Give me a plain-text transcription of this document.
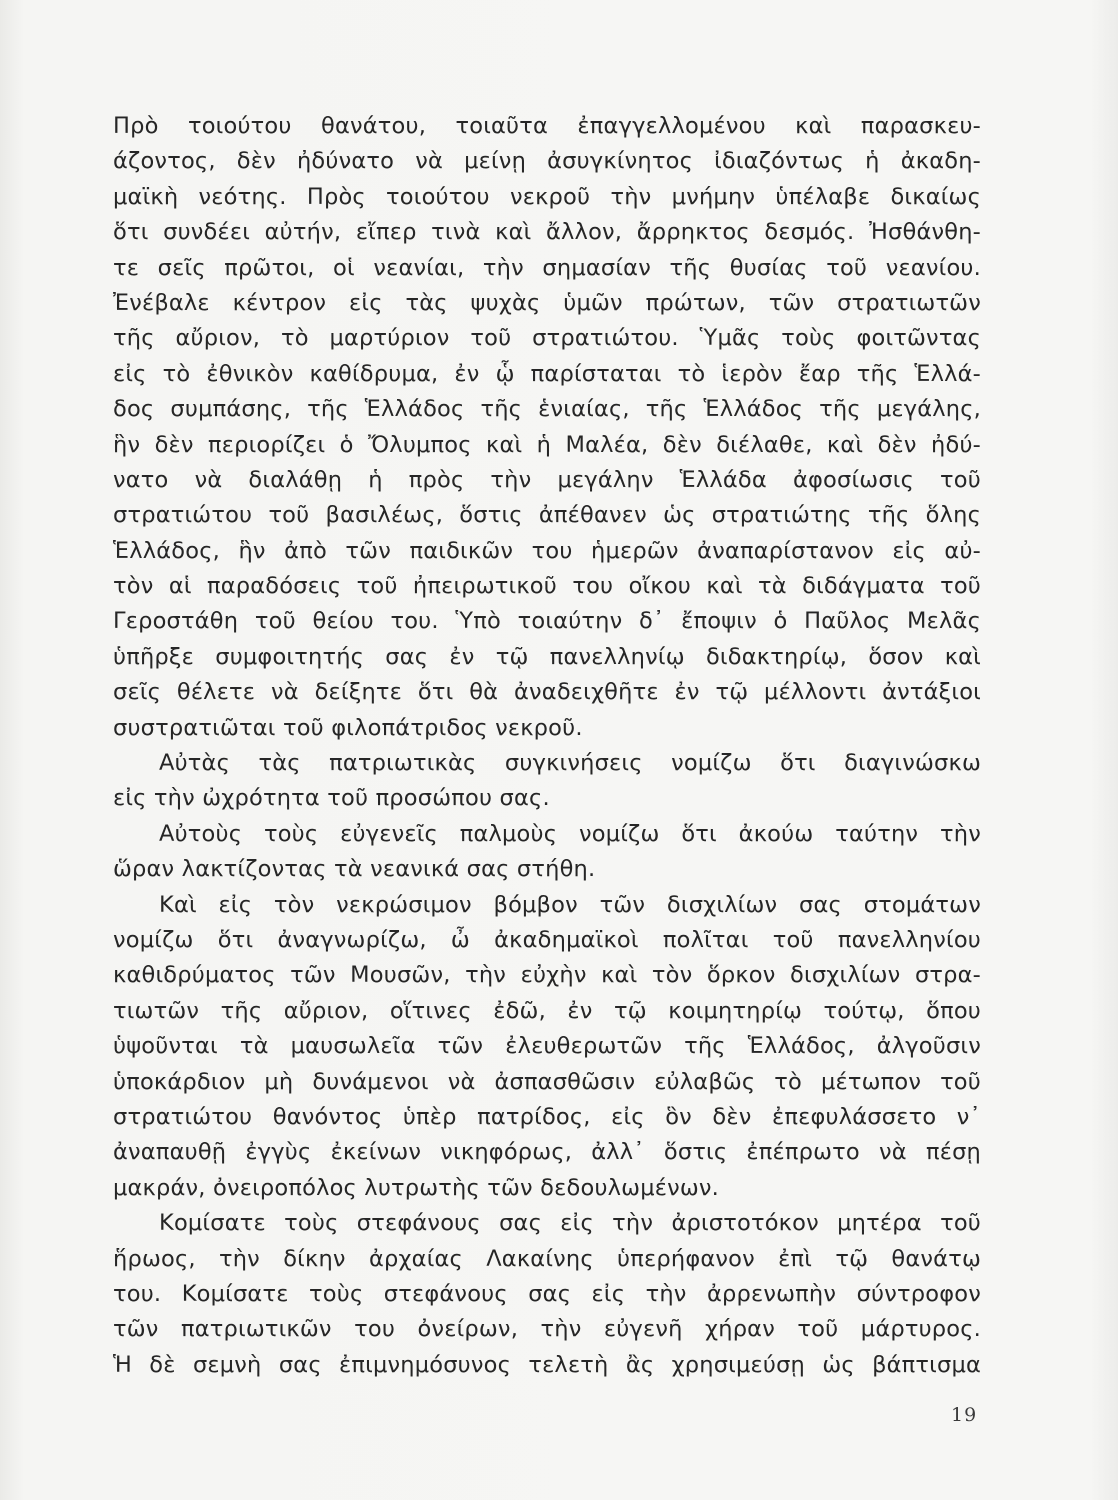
Πρὸ τοιούτου θανάτου, τοιαῦτα ἐπαγγελλομένου καὶ παρασκευ-
άζοντος, δὲν ἠδύνατο νὰ μείνῃ ἀσυγκίνητος ἰδιαζόντως ἡ ἀκαδη-
μαϊκὴ νεότης. Πρὸς τοιούτου νεκροῦ τὴν μνήμην ὑπέλαβε δικαίως
ὅτι συνδέει αὐτήν, εἴπερ τινὰ καὶ ἄλλον, ἄρρηκτος δεσμός. Ἠσθάνθη-
τε σεῖς πρῶτοι, οἱ νεανίαι, τὴν σημασίαν τῆς θυσίας τοῦ νεανίου.
Ἐνέβαλε κέντρον εἰς τὰς ψυχὰς ὑμῶν πρώτων, τῶν στρατιωτῶν
τῆς αὔριον, τὸ μαρτύριον τοῦ στρατιώτου. Ὑμᾶς τοὺς φοιτῶντας
εἰς τὸ ἐθνικὸν καθίδρυμα, ἐν ᾧ παρίσταται τὸ ἱερὸν ἔαρ τῆς Ἑλλά-
δος συμπάσης, τῆς Ἑλλάδος τῆς ἑνιαίας, τῆς Ἑλλάδος τῆς μεγάλης,
ἣν δὲν περιορίζει ὁ Ὄλυμπος καὶ ἡ Μαλέα, δὲν διέλαθε, καὶ δὲν ἠδύ-
νατο νὰ διαλάθῃ ἡ πρὸς τὴν μεγάλην Ἑλλάδα ἀφοσίωσις τοῦ
στρατιώτου τοῦ βασιλέως, ὅστις ἀπέθανεν ὡς στρατιώτης τῆς ὅλης
Ἑλλάδος, ἣν ἀπὸ τῶν παιδικῶν του ἡμερῶν ἀναπαρίστανον εἰς αὐ-
τὸν αἱ παραδόσεις τοῦ ἠπειρωτικοῦ του οἴκου καὶ τὰ διδάγματα τοῦ
Γεροστάθη τοῦ θείου του. Ὑπὸ τοιαύτην δ᾿ ἔποψιν ὁ Παῦλος Μελᾶς
ὑπῆρξε συμφοιτητής σας ἐν τῷ πανελληνίῳ διδακτηρίῳ, ὅσον καὶ
σεῖς θέλετε νὰ δείξητε ὅτι θὰ ἀναδειχθῆτε ἐν τῷ μέλλοντι ἀντάξιοι
συστρατιῶται τοῦ φιλοπάτριδος νεκροῦ.
Αὐτὰς τὰς πατριωτικὰς συγκινήσεις νομίζω ὅτι διαγινώσκω
εἰς τὴν ὠχρότητα τοῦ προσώπου σας.
Αὐτοὺς τοὺς εὐγενεῖς παλμοὺς νομίζω ὅτι ἀκούω ταύτην τὴν
ὥραν λακτίζοντας τὰ νεανικά σας στήθη.
Καὶ εἰς τὸν νεκρώσιμον βόμβον τῶν δισχιλίων σας στομάτων
νομίζω ὅτι ἀναγνωρίζω, ὦ ἀκαδημαϊκοὶ πολῖται τοῦ πανελληνίου
καθιδρύματος τῶν Μουσῶν, τὴν εὐχὴν καὶ τὸν ὅρκον δισχιλίων στρα-
τιωτῶν τῆς αὔριον, οἵτινες ἐδῶ, ἐν τῷ κοιμητηρίῳ τούτῳ, ὅπου
ὑψοῦνται τὰ μαυσωλεῖα τῶν ἐλευθερωτῶν τῆς Ἑλλάδος, ἀλγοῦσιν
ὑποκάρδιον μὴ δυνάμενοι νὰ ἀσπασθῶσιν εὐλαβῶς τὸ μέτωπον τοῦ
στρατιώτου θανόντος ὑπὲρ πατρίδος, εἰς ὃν δὲν ἐπεφυλάσσετο ν᾿
ἀναπαυθῇ ἐγγὺς ἐκείνων νικηφόρως, ἀλλ᾿ ὅστις ἐπέπρωτο νὰ πέσῃ
μακράν, ὀνειροπόλος λυτρωτὴς τῶν δεδουλωμένων.
Κομίσατε τοὺς στεφάνους σας εἰς τὴν ἀριστοτόκον μητέρα τοῦ
ἥρωος, τὴν δίκην ἀρχαίας Λακαίνης ὑπερήφανον ἐπὶ τῷ θανάτῳ
του. Κομίσατε τοὺς στεφάνους σας εἰς τὴν ἀρρενωπὴν σύντροφον
τῶν πατριωτικῶν του ὀνείρων, τὴν εὐγενῆ χήραν τοῦ μάρτυρος.
Ἡ δὲ σεμνὴ σας ἐπιμνημόσυνος τελετὴ ἂς χρησιμεύσῃ ὡς βάπτισμα
19
